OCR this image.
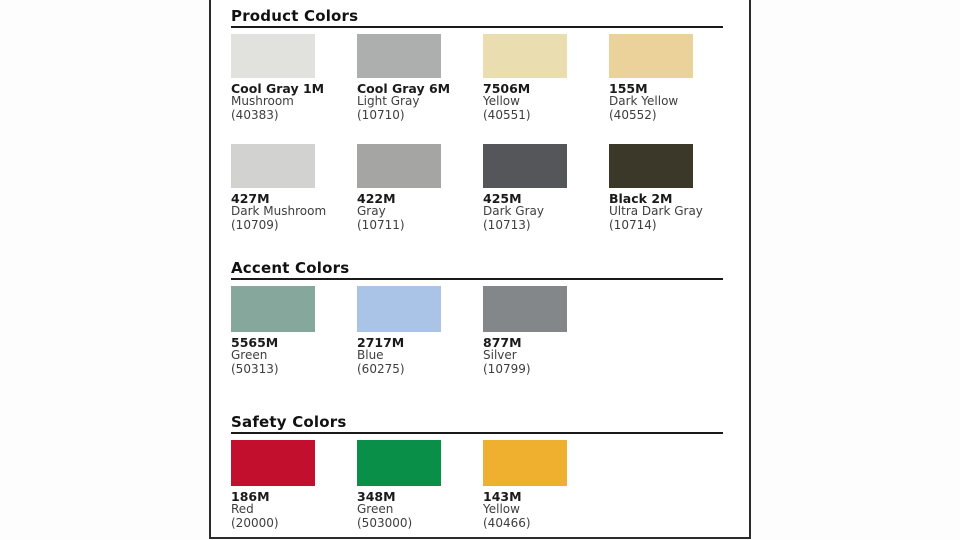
Product Colors
Cool Gray 1M
Mushroom
(40383)
Cool Gray 6M
Light Gray
(10710)
7506M
Yellow
(40551)
155M
Dark Yellow
(40552)
427M
Dark Mushroom
(10709)
422M
Gray
(10711)
425M
Dark Gray
(10713)
Black 2M
Ultra Dark Gray
(10714)
Accent Colors
5565M
Green
(50313)
2717M
Blue
(60275)
877M
Silver
(10799)
Safety Colors
186M
Red
(20000)
348M
Green
(503000)
143M
Yellow
(40466)
